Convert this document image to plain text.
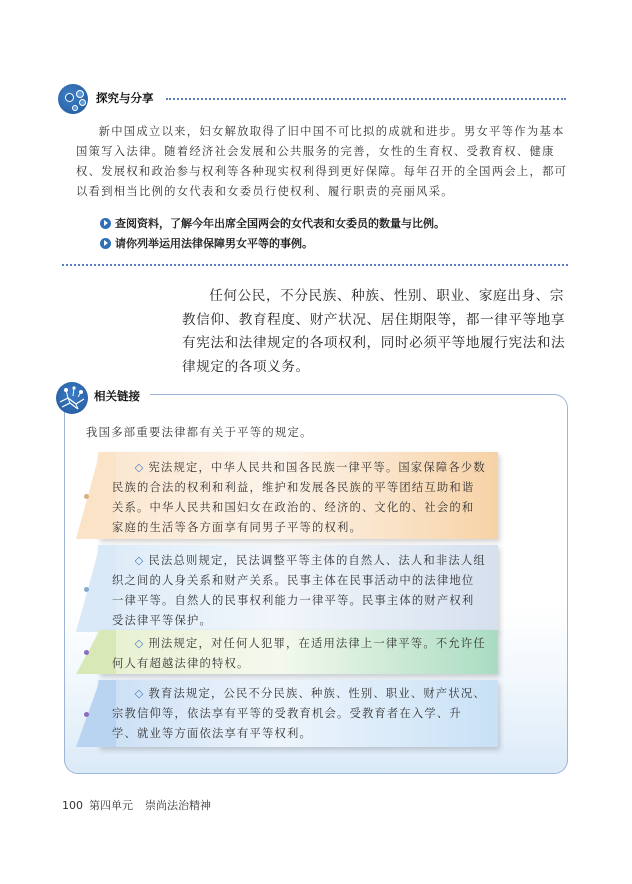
探究与分享
新中国成立以来，妇女解放取得了旧中国不可比拟的成就和进步。男女平等作为基本国策写入法律。随着经济社会发展和公共服务的完善，女性的生育权、受教育权、健康权、发展权和政治参与权利等各种现实权利得到更好保障。每年召开的全国两会上，都可以看到相当比例的女代表和女委员行使权利、履行职责的亮丽风采。
查阅资料，了解今年出席全国两会的女代表和女委员的数量与比例。
请你列举运用法律保障男女平等的事例。
任何公民，不分民族、种族、性别、职业、家庭出身、宗教信仰、教育程度、财产状况、居住期限等，都一律平等地享有宪法和法律规定的各项权利，同时必须平等地履行宪法和法律规定的各项义务。
相关链接
我国多部重要法律都有关于平等的规定。
◇ 宪法规定，中华人民共和国各民族一律平等。国家保障各少数民族的合法的权利和利益，维护和发展各民族的平等团结互助和谐关系。中华人民共和国妇女在政治的、经济的、文化的、社会的和家庭的生活等各方面享有同男子平等的权利。
◇ 民法总则规定，民法调整平等主体的自然人、法人和非法人组织之间的人身关系和财产关系。民事主体在民事活动中的法律地位一律平等。自然人的民事权利能力一律平等。民事主体的财产权利受法律平等保护。
◇ 刑法规定，对任何人犯罪，在适用法律上一律平等。不允许任何人有超越法律的特权。
◇ 教育法规定，公民不分民族、种族、性别、职业、财产状况、宗教信仰等，依法享有平等的受教育机会。受教育者在入学、升学、就业等方面依法享有平等权利。
100 第四单元 崇尚法治精神
